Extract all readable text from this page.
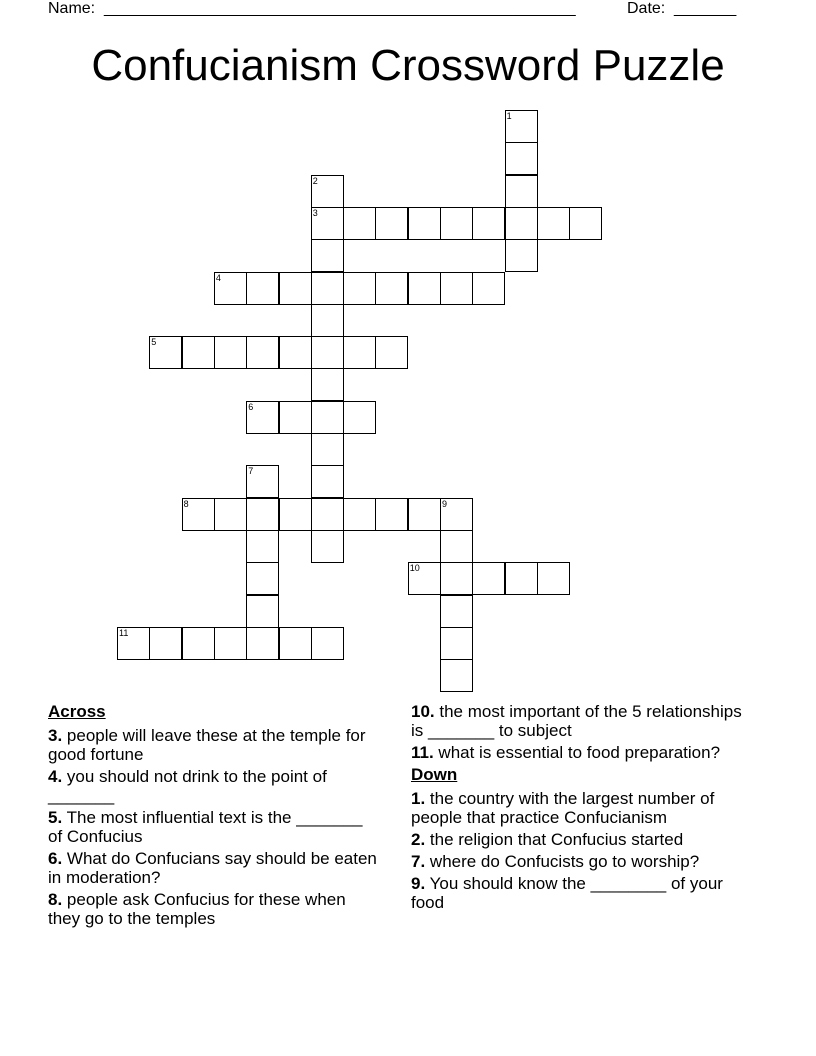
Name: _____________________________________________________	Date: _______
Confucianism Crossword Puzzle
1
2
3
4
5
6
7
8	9
10
11
Across
3. people will leave these at the temple for good fortune
4. you should not drink to the point of _______
5. The most influential text is the _______ of Confucius
6. What do Confucians say should be eaten in moderation?
8. people ask Confucius for these when they go to the temples
10. the most important of the 5 relationships is _______ to subject
11. what is essential to food preparation?
Down
1. the country with the largest number of people that practice Confucianism
2. the religion that Confucius started
7. where do Confucists go to worship?
9. You should know the ________ of your food
